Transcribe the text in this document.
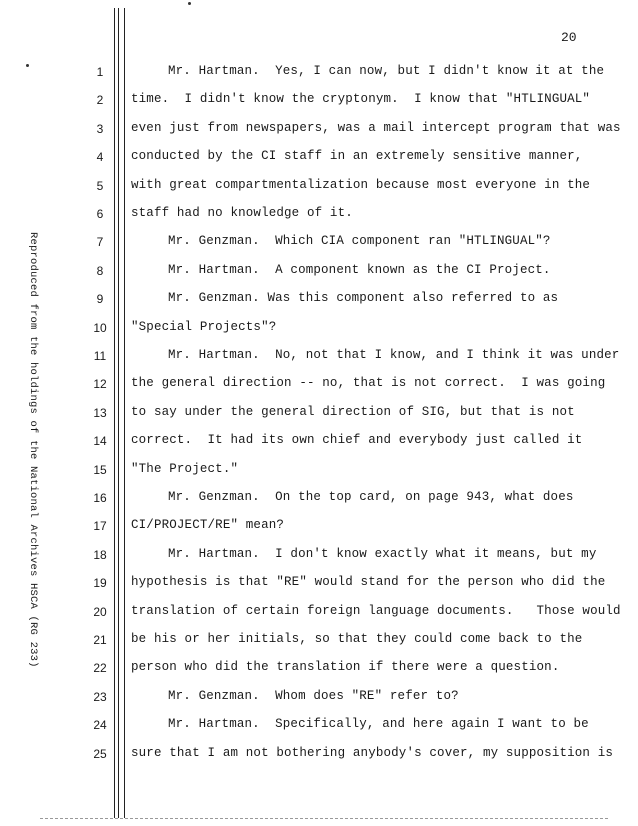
20
Reproduced from the holdings of the National Archives HSCA (RG 233)
1	Mr. Hartman.  Yes, I can now, but I didn't know it at the
2	time.  I didn't know the cryptonym.  I know that "HTLINGUAL"
3	even just from newspapers, was a mail intercept program that was
4	conducted by the CI staff in an extremely sensitive manner,
5	with great compartmentalization because most everyone in the
6	staff had no knowledge of it.
7	Mr. Genzman.  Which CIA component ran "HTLINGUAL"?
8	Mr. Hartman.  A component known as the CI Project.
9	Mr. Genzman. Was this component also referred to as
10 "Special Projects"?
11	Mr. Hartman.  No, not that I know, and I think it was under
12 the general direction -- no, that is not correct.  I was going
13 to say under the general direction of SIG, but that is not
14 correct.  It had its own chief and everybody just called it
15 "The Project."
16	Mr. Genzman.  On the top card, on page 943, what does
17 CI/PROJECT/RE" mean?
18	Mr. Hartman.  I don't know exactly what it means, but my
19 hypothesis is that "RE" would stand for the person who did the
20 translation of certain foreign language documents.   Those would
21 be his or her initials, so that they could come back to the
22 person who did the translation if there were a question.
23	Mr. Genzman.  Whom does "RE" refer to?
24	Mr. Hartman.  Specifically, and here again I want to be
25 sure that I am not bothering anybody's cover, my supposition is
